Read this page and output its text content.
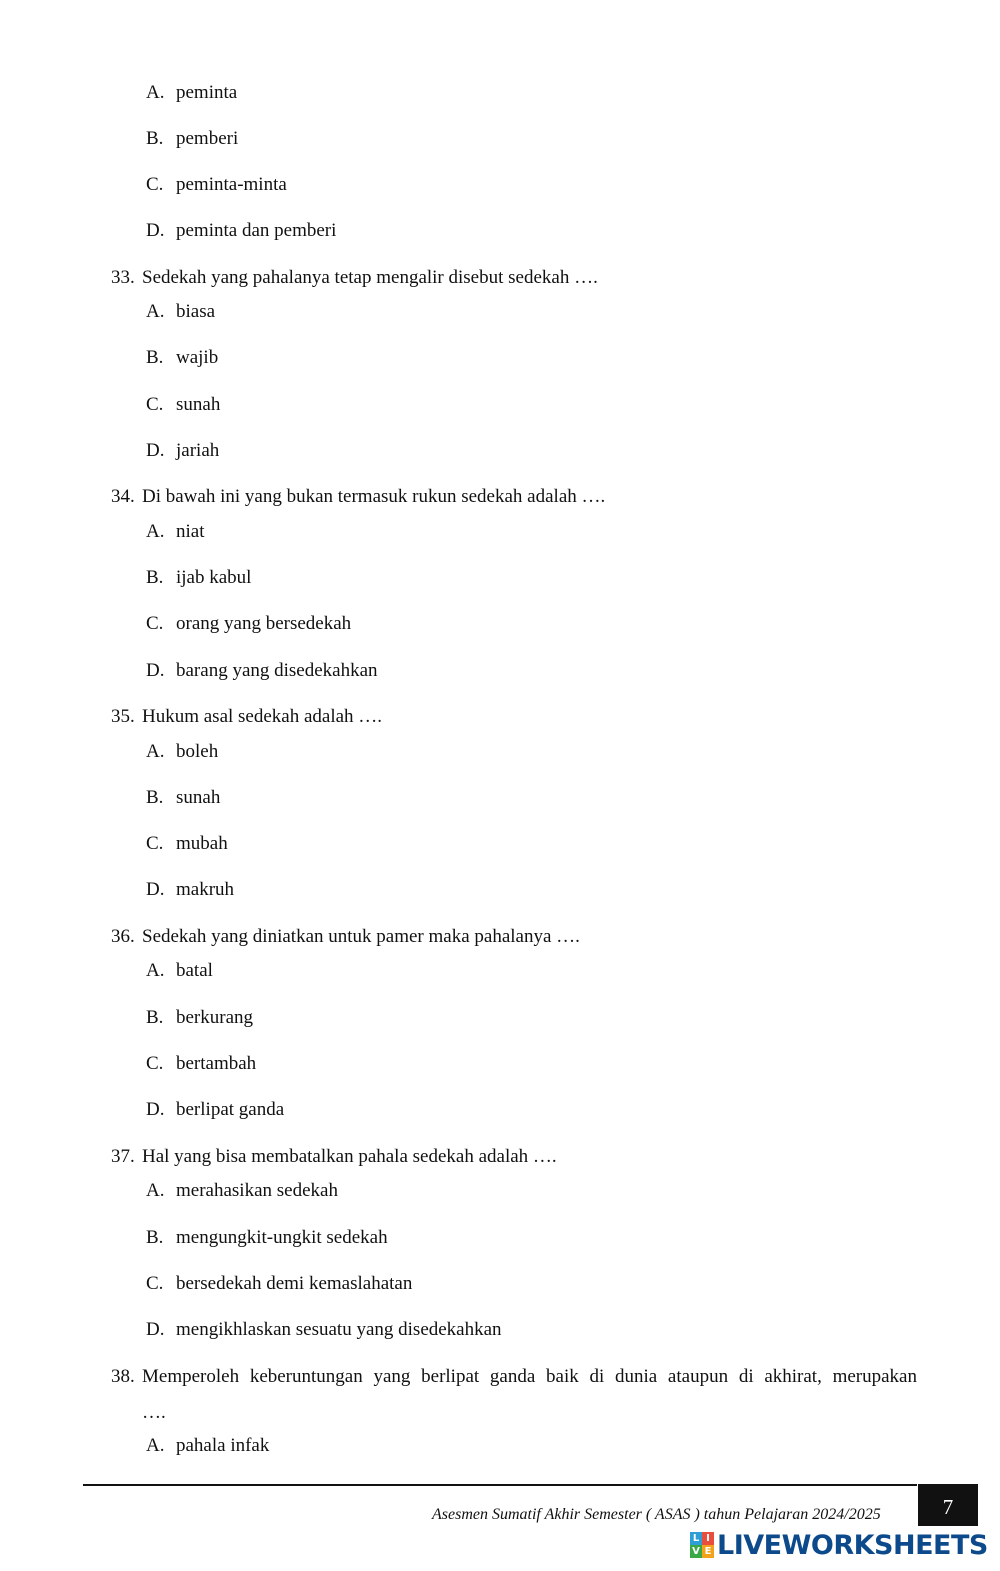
A. peminta
B. pemberi
C. peminta-minta
D. peminta dan pemberi
33. Sedekah yang pahalanya tetap mengalir disebut sedekah ….
A. biasa
B. wajib
C. sunah
D. jariah
34. Di bawah ini yang bukan termasuk rukun sedekah adalah ….
A. niat
B. ijab kabul
C. orang yang bersedekah
D. barang yang disedekahkan
35. Hukum asal sedekah adalah ….
A. boleh
B. sunah
C. mubah
D. makruh
36. Sedekah yang diniatkan untuk pamer maka pahalanya ….
A. batal
B. berkurang
C. bertambah
D. berlipat ganda
37. Hal yang bisa membatalkan pahala sedekah adalah ….
A. merahasikan sedekah
B. mengungkit-ungkit sedekah
C. bersedekah demi kemaslahatan
D. mengikhlaskan sesuatu yang disedekahkan
38. Memperoleh keberuntungan yang berlipat ganda baik di dunia ataupun di akhirat, merupakan
….
A. pahala infak
Asesmen Sumatif Akhir Semester ( ASAS ) tahun Pelajaran 2024/2025	7
L I
V E LIVEWORKSHEETS
